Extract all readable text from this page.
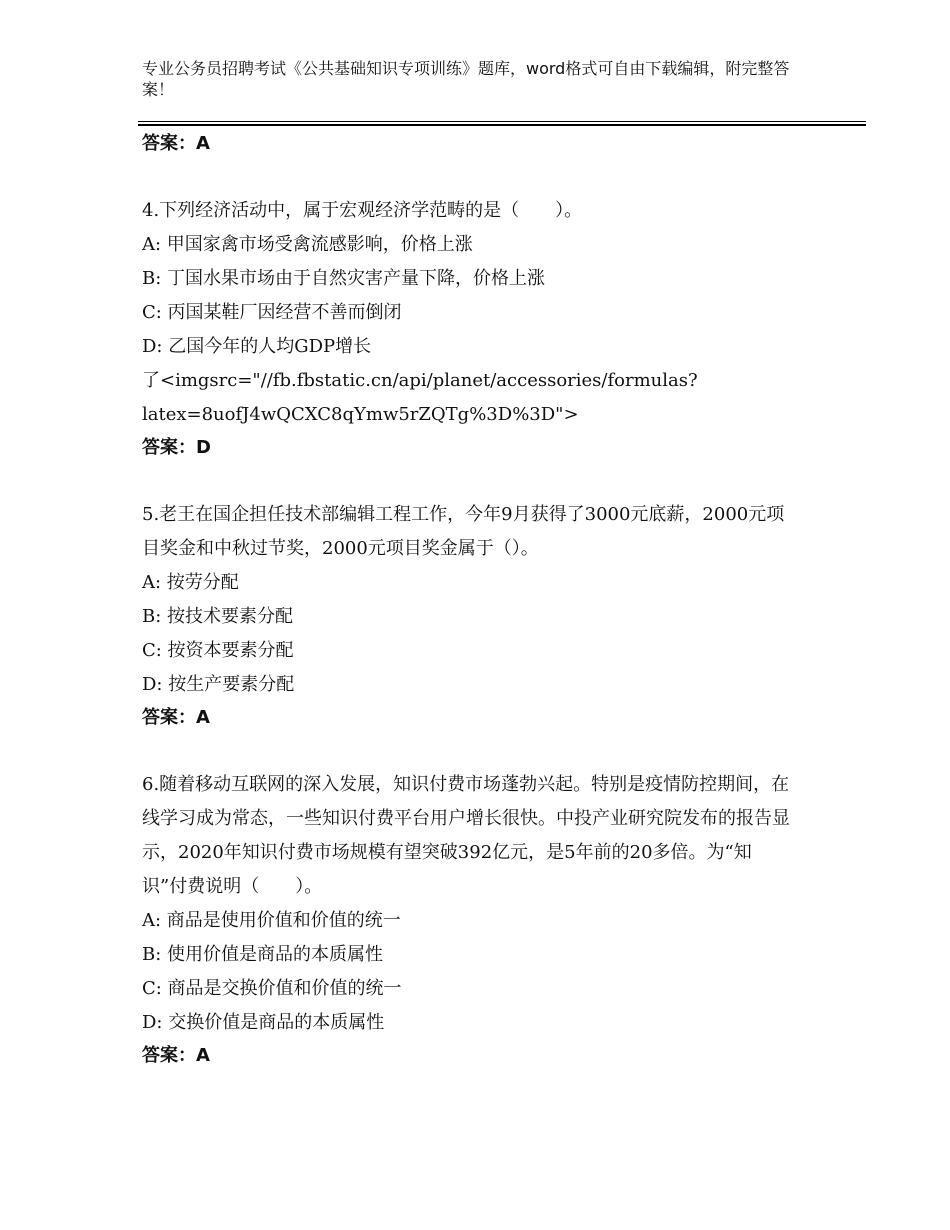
专业公务员招聘考试《公共基础知识专项训练》题库，word格式可自由下载编辑，附完整答案！

答案：A

4.下列经济活动中，属于宏观经济学范畴的是（　　）。

A: 甲国家禽市场受禽流感影响，价格上涨

B: 丁国水果市场由于自然灾害产量下降，价格上涨

C: 丙国某鞋厂因经营不善而倒闭

D: 乙国今年的人均GDP增长

了<imgsrc="//fb.fbstatic.cn/api/planet/accessories/formulas?

latex=8uofJ4wQCXC8qYmw5rZQTg%3D%3D">

答案：D

5.老王在国企担任技术部编辑工程工作，今年9月获得了3000元底薪，2000元项目奖金和中秋过节奖，2000元项目奖金属于（）。

A: 按劳分配

B: 按技术要素分配

C: 按资本要素分配

D: 按生产要素分配

答案：A

6.随着移动互联网的深入发展，知识付费市场蓬勃兴起。特别是疫情防控期间，在线学习成为常态，一些知识付费平台用户增长很快。中投产业研究院发布的报告显示，2020年知识付费市场规模有望突破392亿元，是5年前的20多倍。为“知识”付费说明（　　）。

A: 商品是使用价值和价值的统一

B: 使用价值是商品的本质属性

C: 商品是交换价值和价值的统一

D: 交换价值是商品的本质属性

答案：A
